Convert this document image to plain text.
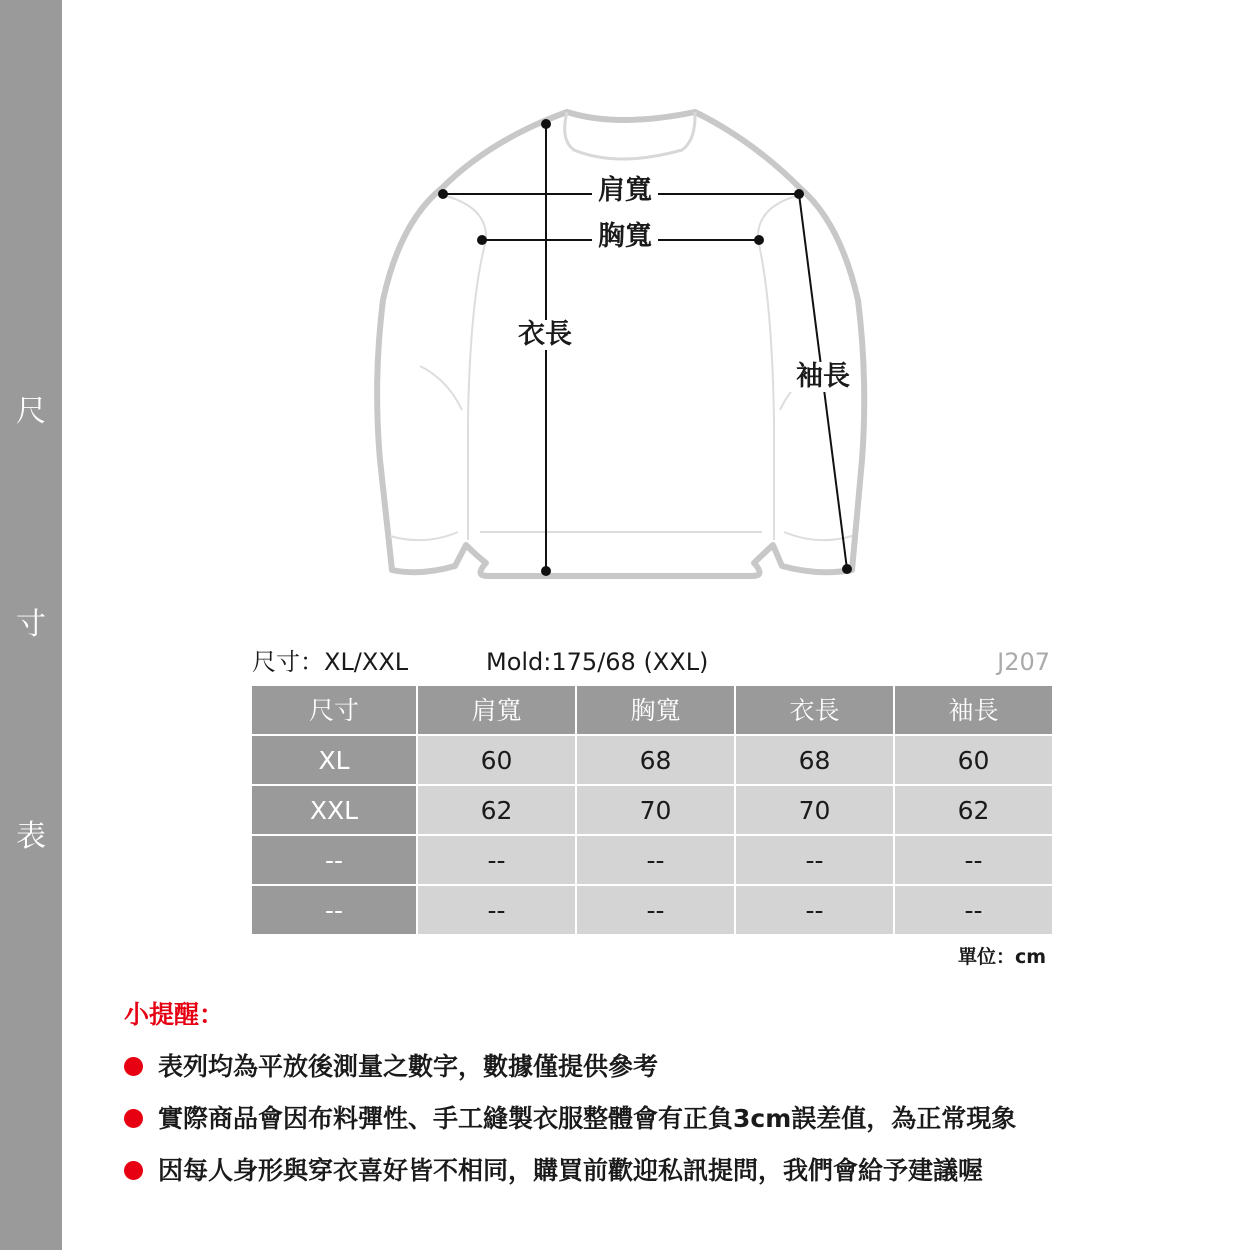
尺
寸
表
肩寬
胸寬
衣長
袖長
尺寸：XL/XXL	Mold:175/68 (XXL)	J207
尺寸	肩寬	胸寬	衣長	袖長
XL	60	68	68	60
XXL	62	70	70	62
--	--	--	--	--
--	--	--	--	--
單位：cm
小提醒：
表列均為平放後測量之數字，數據僅提供參考
實際商品會因布料彈性、手工縫製衣服整體會有正負3cm誤差值，為正常現象
因每人身形與穿衣喜好皆不相同，購買前歡迎私訊提問，我們會給予建議喔
